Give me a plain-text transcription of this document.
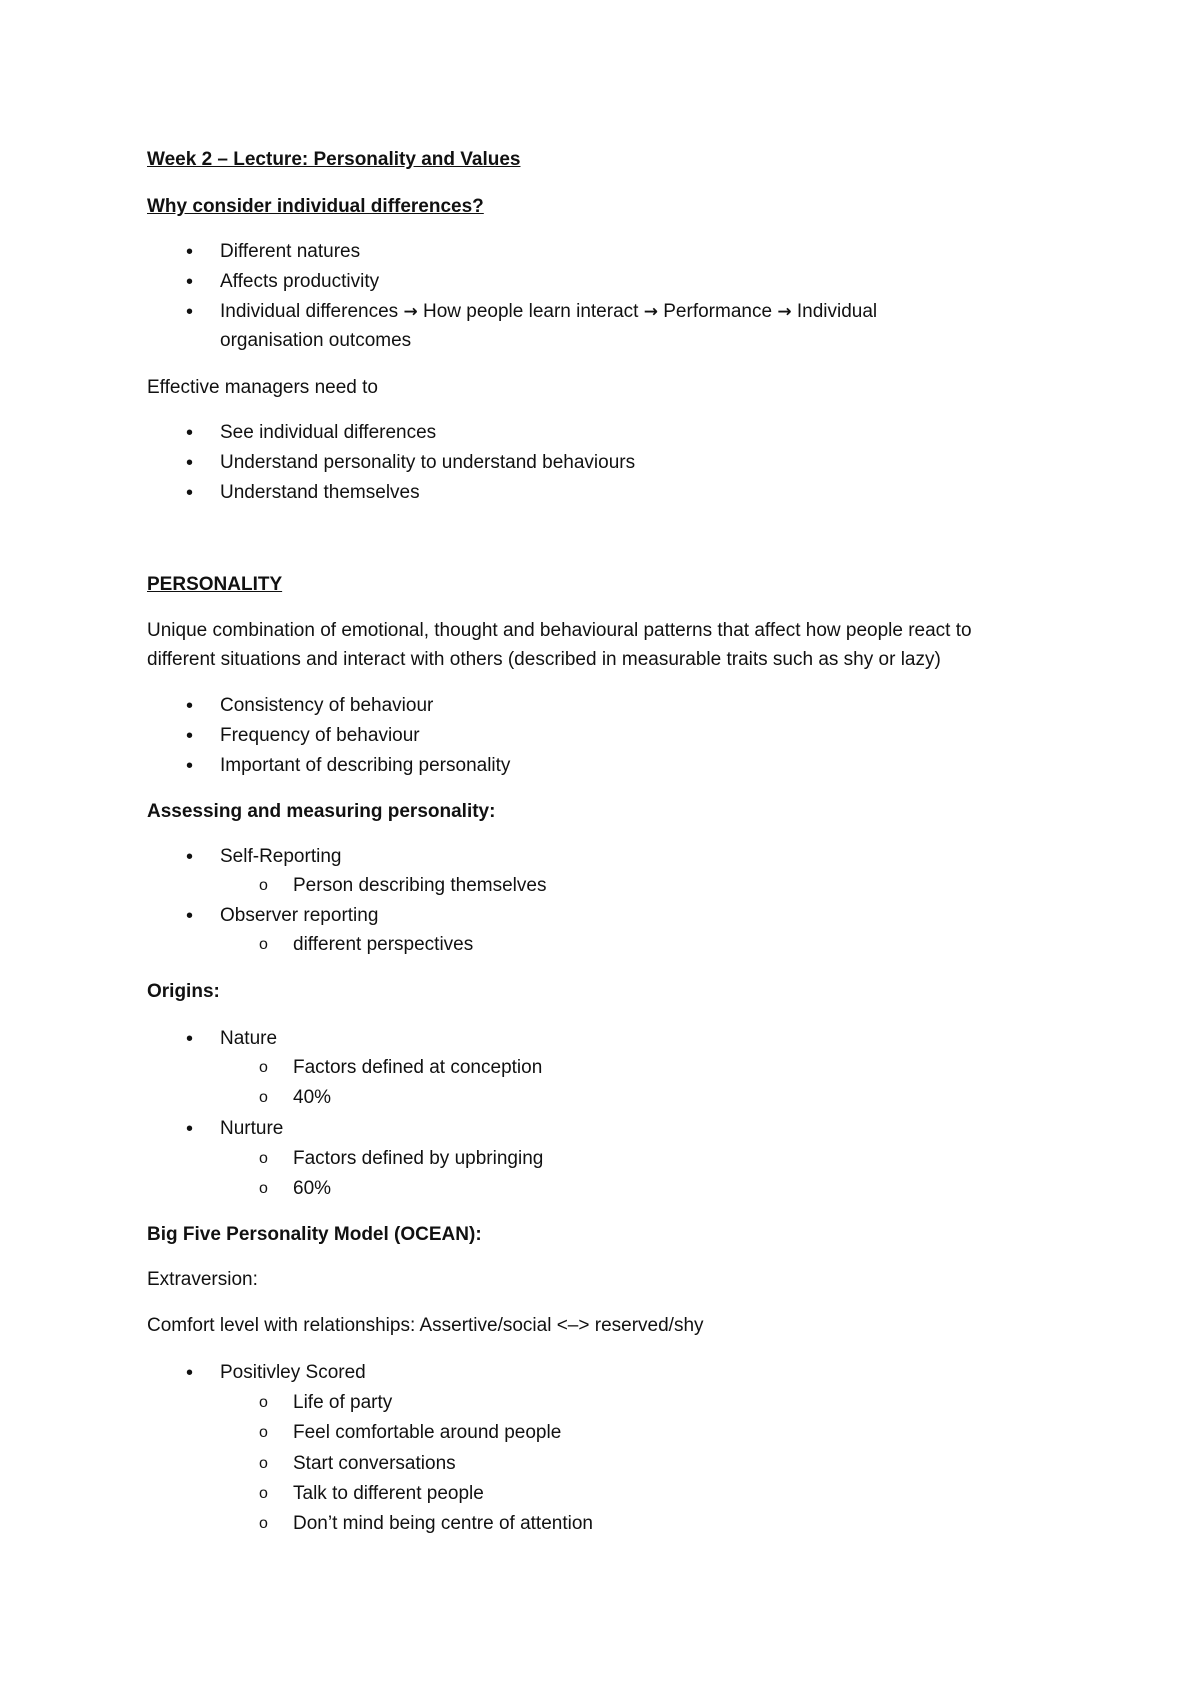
Week 2 – Lecture: Personality and Values

Why consider individual differences?

• Different natures

• Affects productivity

• Individual differences → How people learn interact → Performance → Individual

organisation outcomes

Effective managers need to

• See individual differences

• Understand personality to understand behaviours

• Understand themselves

PERSONALITY

Unique combination of emotional, thought and behavioural patterns that affect how people react to

different situations and interact with others (described in measurable traits such as shy or lazy)

• Consistency of behaviour

• Frequency of behaviour

• Important of describing personality

Assessing and measuring personality:

• Self-Reporting

o Person describing themselves

• Observer reporting

o different perspectives

Origins:

• Nature

o Factors defined at conception

o 40%

• Nurture

o Factors defined by upbringing

o 60%

Big Five Personality Model (OCEAN):

Extraversion:

Comfort level with relationships: Assertive/social <–> reserved/shy

• Positivley Scored

o Life of party

o Feel comfortable around people

o Start conversations

o Talk to different people

o Don’t mind being centre of attention
